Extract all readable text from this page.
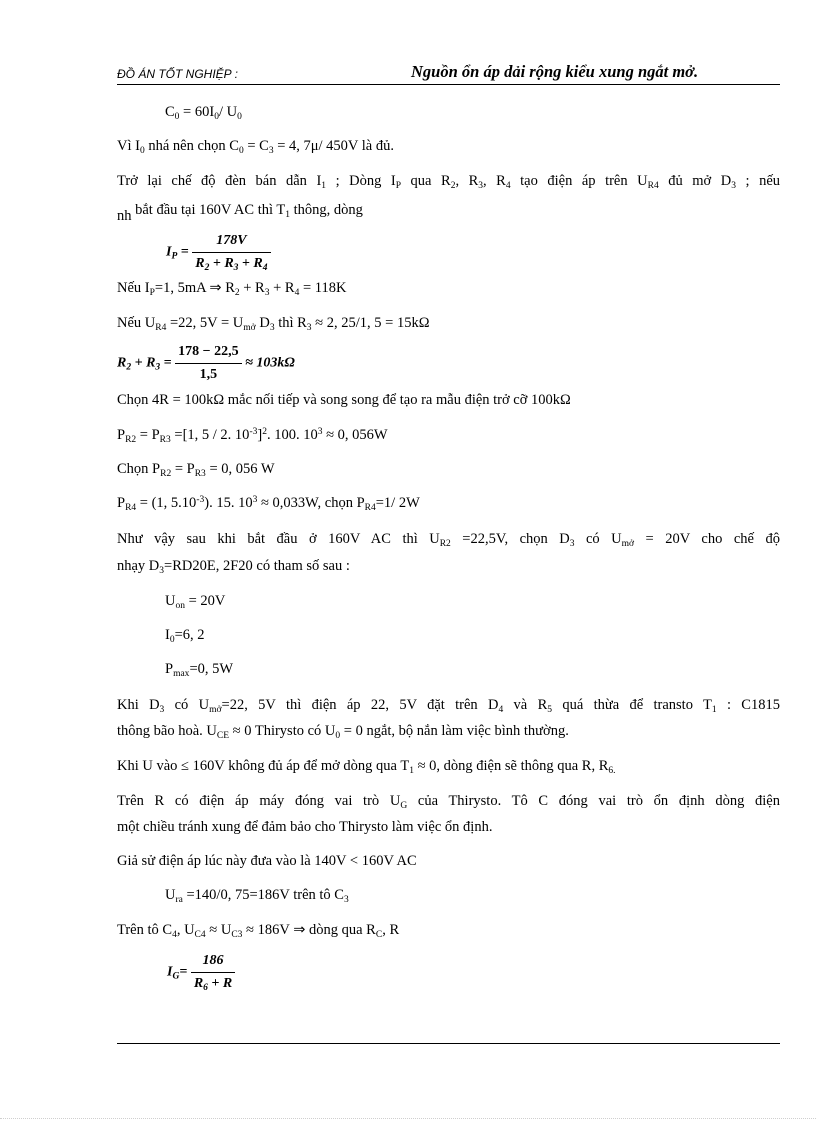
ĐỒ ÁN TỐT NGHIỆP :	Nguồn ổn áp dải rộng kiểu xung ngắt mở.
$C_0 = 60I_0/$ $U_0$
Vì $I_0$ nhá nên chọn $C_0 = C_3 = 4$, 7μ/ 450V là đủ.
Trở lại chế độ đèn bán dẫn $I_1$ ; Dòng $I_P$ qua $R_2$, $R_3$, $R_4$ tạo điện áp trên $U_{R4}$ đủ mở $D_3$ ; nếu
nh bắt đầu tại 160V AC thì $T_1$ thông, dòng
$I_P = \frac{178V}{R_2 + R_3 + R_4}$
Nếu $I_P=1$, 5mA ⇒ $R_2 + R_3 + R_4 = 118K$
Nếu $U_{R4} =22$, $5V = U_{mở}$ $D_3$ thì $R_3 \approx 2$, 25/1, 5 = 15kΩ
$R_2 + R_3 = \frac{178 - 22,5}{1,5} \approx 103k\Omega$
Chọn 4R = 100kΩ mắc nối tiếp và song song để tạo ra mẫu điện trở cỡ 100kΩ
$P_{R2} = P_{R3} =[1$, 5 / 2. $10^{-3}]^2$. 100. $10^3 \approx 0$, 056W
Chọn $P_{R2} = P_{R3} = 0$, 056 W
$P_{R4} = (1$, $5.10^{-3}$). 15. $10^3 \approx 0,033W$, chọn $P_{R4}=1/$ 2W
Như vậy sau khi bắt đầu ở 160V AC thì $U_{R2} =22,5V$, chọn $D_3$ có $U_{mở} = 20V$ cho chế độ
nhạy $D_3=RD20E$, 2F20 có tham số sau :
$U_{on} = 20V$
$I_0=6$, 2
$P_{max}=0$, 5W
Khi $D_3$ có $U_{mở}=22$, 5V thì điện áp 22, 5V đặt trên $D_4$ và $R_5$ quá thừa để transto $T_1$ : C1815
thông bão hoà. $U_{CE} \approx 0$ Thirysto có $U_0 = 0$ ngắt, bộ nắn làm việc bình thường.
Khi U vào ≤ 160V không đủ áp để mở dòng qua $T_1 \approx 0$, dòng điện sẽ thông qua R, $R_{6.}$
Trên R có điện áp máy đóng vai trò $U_G$ của Thirysto. Tô C đóng vai trò ổn định dòng điện
một chiều tránh xung để đảm bảo cho Thirysto làm việc ổn định.
Giả sử điện áp lúc này đưa vào là 140V < 160V AC
$U_{ra} =140/0$, 75=186V trên tô $C_3$
Trên tô $C_4$, $U_{C4} \approx U_{C3} \approx 186V$ ⇒ dòng qua $R_C$, R
$I_G= \frac{186}{R_6 + R}$
